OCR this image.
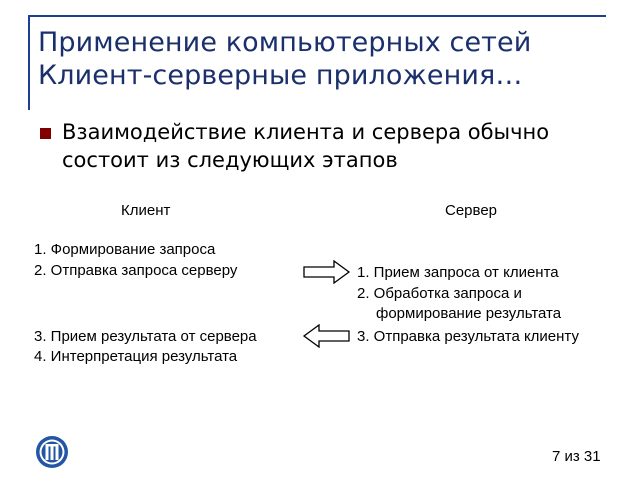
Применение компьютерных сетей
Клиент-серверные приложения…
Взаимодействие клиента и сервера обычно состоит из следующих этапов
Клиент	Сервер
1. Формирование запроса
2. Отправка запроса серверу
3. Прием результата от сервера
4. Интерпретация результата
1. Прием запроса от клиента
2. Обработка запроса и
формирование результата
3. Отправка результата клиенту
7 из 31
